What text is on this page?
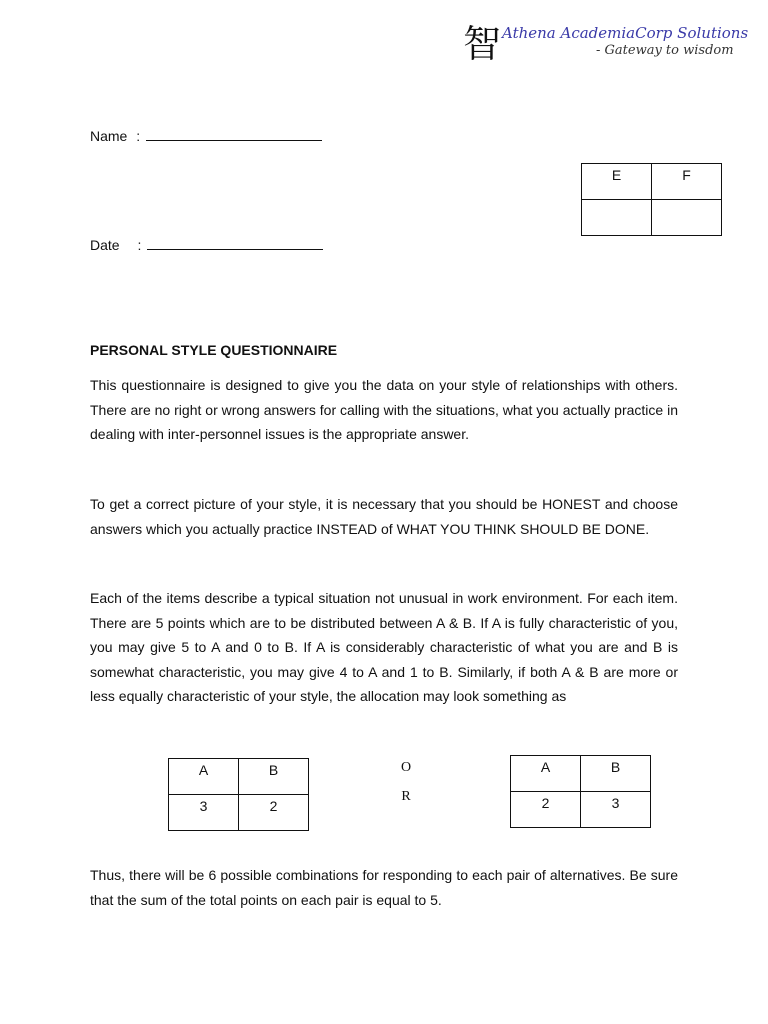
智 Athena AcademiaCorp Solutions
- Gateway to wisdom
Name :
E	F

Date :
PERSONAL STYLE QUESTIONNAIRE
This questionnaire is designed to give you the data on your style of relationships with others. There are no right or wrong answers for calling with the situations, what you actually practice in dealing with inter-personnel issues is the appropriate answer.
To get a correct picture of your style, it is necessary that you should be HONEST and choose answers which you actually practice INSTEAD of WHAT YOU THINK SHOULD BE DONE.
Each of the items describe a typical situation not unusual in work environment. For each item. There are 5 points which are to be distributed between A & B. If A is fully characteristic of you, you may give 5 to A and 0 to B. If A is considerably characteristic of what you are and B is somewhat characteristic, you may give 4 to A and 1 to B. Similarly, if both A & B are more or less equally characteristic of your style, the allocation may look something as
A	B
3	2
O
R
A	B
2	3
Thus, there will be 6 possible combinations for responding to each pair of alternatives. Be sure that the sum of the total points on each pair is equal to 5.
